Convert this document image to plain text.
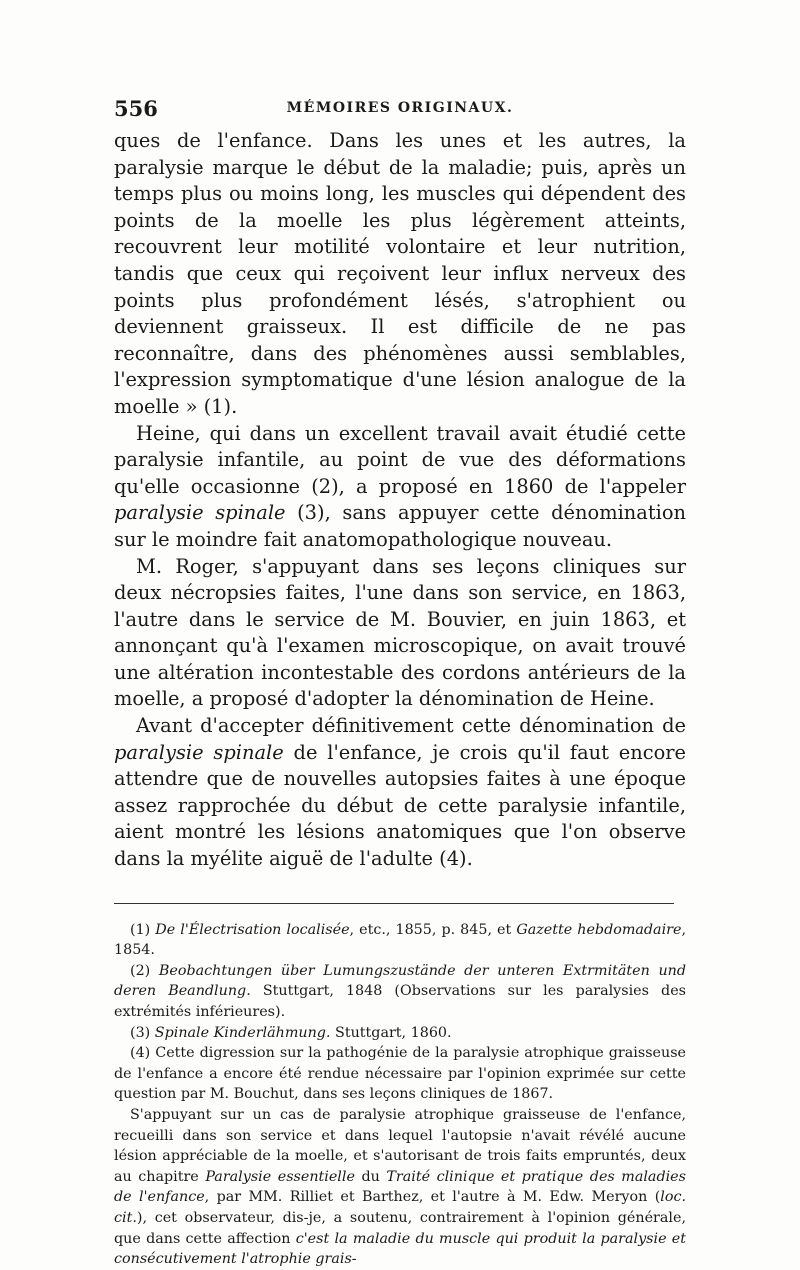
556	MÉMOIRES ORIGINAUX.

ques de l'enfance. Dans les unes et les autres, la paralysie marque le début de la maladie; puis, après un temps plus ou moins long, les muscles qui dépendent des points de la moelle les plus légèrement atteints, recouvrent leur motilité volontaire et leur nutrition, tandis que ceux qui reçoivent leur influx nerveux des points plus profondément lésés, s'atrophient ou deviennent graisseux. Il est difficile de ne pas reconnaître, dans des phénomènes aussi semblables, l'expression symptomatique d'une lésion analogue de la moelle » (1).

Heine, qui dans un excellent travail avait étudié cette paralysie infantile, au point de vue des déformations qu'elle occasionne (2), a proposé en 1860 de l'appeler paralysie spinale (3), sans appuyer cette dénomination sur le moindre fait anatomopathologique nouveau.

M. Roger, s'appuyant dans ses leçons cliniques sur deux nécropsies faites, l'une dans son service, en 1863, l'autre dans le service de M. Bouvier, en juin 1863, et annonçant qu'à l'examen microscopique, on avait trouvé une altération incontestable des cordons antérieurs de la moelle, a proposé d'adopter la dénomination de Heine.

Avant d'accepter définitivement cette dénomination de paralysie spinale de l'enfance, je crois qu'il faut encore attendre que de nouvelles autopsies faites à une époque assez rapprochée du début de cette paralysie infantile, aient montré les lésions anatomiques que l'on observe dans la myélite aiguë de l'adulte (4).

(1) De l'Électrisation localisée, etc., 1855, p. 845, et Gazette hebdomadaire, 1854.

(2) Beobachtungen über Lumungszustände der unteren Extrmitäten und deren Beandlung. Stuttgart, 1848 (Observations sur les paralysies des extrémités inférieures).

(3) Spinale Kinderlähmung. Stuttgart, 1860.

(4) Cette digression sur la pathogénie de la paralysie atrophique graisseuse de l'enfance a encore été rendue nécessaire par l'opinion exprimée sur cette question par M. Bouchut, dans ses leçons cliniques de 1867.

S'appuyant sur un cas de paralysie atrophique graisseuse de l'enfance, recueilli dans son service et dans lequel l'autopsie n'avait révélé aucune lésion appréciable de la moelle, et s'autorisant de trois faits empruntés, deux au chapitre Paralysie essentielle du Traité clinique et pratique des maladies de l'enfance, par MM. Rilliet et Barthez, et l'autre à M. Edw. Meryon (loc. cit.), cet observateur, dis-je, a soutenu, contrairement à l'opinion générale, que dans cette affection c'est la maladie du muscle qui produit la paralysie et consécutivement l'atrophie grais-
